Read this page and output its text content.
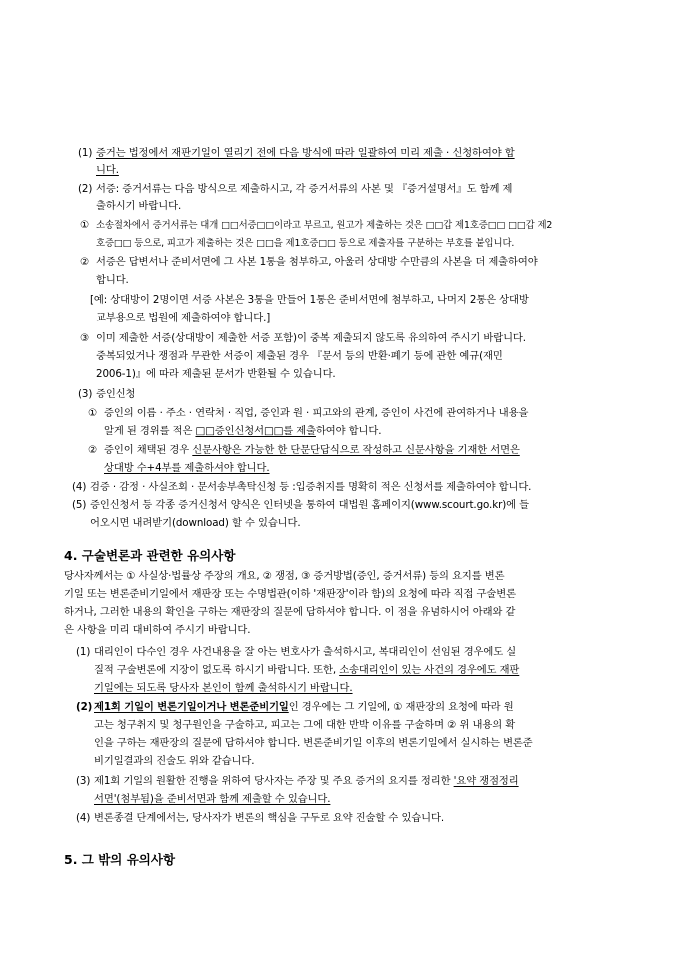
(1) 증거는 법정에서 재판기일이 열리기 전에 다음 방식에 따라 일괄하여 미리 제출 · 신청하여야 합
니다.
(2) 서증: 증거서류는 다음 방식으로 제출하시고, 각 증거서류의 사본 및 『증거설명서』도 함께 제
출하시기 바랍니다.
① 소송절차에서 증거서류는 대개 □□서증□□이라고 부르고, 원고가 제출하는 것은 □□갑 제1호증□□ □□갑 제2
호증□□ 등으로, 피고가 제출하는 것은 □□을 제1호증□□ 등으로 제출자를 구분하는 부호를 붙입니다.
② 서증은 답변서나 준비서면에 그 사본 1통을 첨부하고, 아울러 상대방 수만큼의 사본을 더 제출하여야
합니다.
[예: 상대방이 2명이면 서증 사본은 3통을 만들어 1통은 준비서면에 첨부하고, 나머지 2통은 상대방
교부용으로 법원에 제출하여야 합니다.]
③ 이미 제출한 서증(상대방이 제출한 서증 포함)이 중복 제출되지 않도록 유의하여 주시기 바랍니다.
중복되었거나 쟁점과 무관한 서증이 제출된 경우 『문서 등의 반환·폐기 등에 관한 예규(재민
2006-1)』에 따라 제출된 문서가 반환될 수 있습니다.
(3) 증인신청
① 증인의 이름 · 주소 · 연락처 · 직업, 증인과 원 · 피고와의 관계, 증인이 사건에 관여하거나 내용을
알게 된 경위를 적은 □□증인신청서□□를 제출하여야 합니다.
② 증인이 채택된 경우 신문사항은 가능한 한 단문단답식으로 작성하고 신문사항을 기재한 서면은
상대방 수+4부를 제출하셔야 합니다.
(4) 검증 · 감정 · 사실조회 · 문서송부촉탁신청 등 :입증취지를 명확히 적은 신청서를 제출하여야 합니다.
(5) 증인신청서 등 각종 증거신청서 양식은 인터넷을 통하여 대법원 홈페이지(www.scourt.go.kr)에 들
어오시면 내려받기(download) 할 수 있습니다.
4. 구술변론과 관련한 유의사항
당사자께서는 ① 사실상·법률상 주장의 개요, ② 쟁점, ③ 증거방법(증인, 증거서류) 등의 요지를 변론
기일 또는 변론준비기일에서 재판장 또는 수명법관(이하 '재판장'이라 함)의 요청에 따라 직접 구술변론
하거나, 그러한 내용의 확인을 구하는 재판장의 질문에 답하셔야 합니다. 이 점을 유념하시어 아래와 같
은 사항을 미리 대비하여 주시기 바랍니다.
(1) 대리인이 다수인 경우 사건내용을 잘 아는 변호사가 출석하시고, 복대리인이 선임된 경우에도 실
질적 구술변론에 지장이 없도록 하시기 바랍니다. 또한, 소송대리인이 있는 사건의 경우에도 재판
기일에는 되도록 당사자 본인이 함께 출석하시기 바랍니다.
(2) 제1회 기일이 변론기일이거나 변론준비기일인 경우에는 그 기일에, ① 재판장의 요청에 따라 원
고는 청구취지 및 청구원인을 구술하고, 피고는 그에 대한 반박 이유를 구술하며 ② 위 내용의 확
인을 구하는 재판장의 질문에 답하셔야 합니다. 변론준비기일 이후의 변론기일에서 실시하는 변론준
비기일결과의 진술도 위와 같습니다.
(3) 제1회 기일의 원활한 진행을 위하여 당사자는 주장 및 주요 증거의 요지를 정리한 '요약 쟁점정리
서면'(첨부됨)을 준비서면과 함께 제출할 수 있습니다.
(4) 변론종결 단계에서는, 당사자가 변론의 핵심을 구두로 요약 진술할 수 있습니다.
5. 그 밖의 유의사항
